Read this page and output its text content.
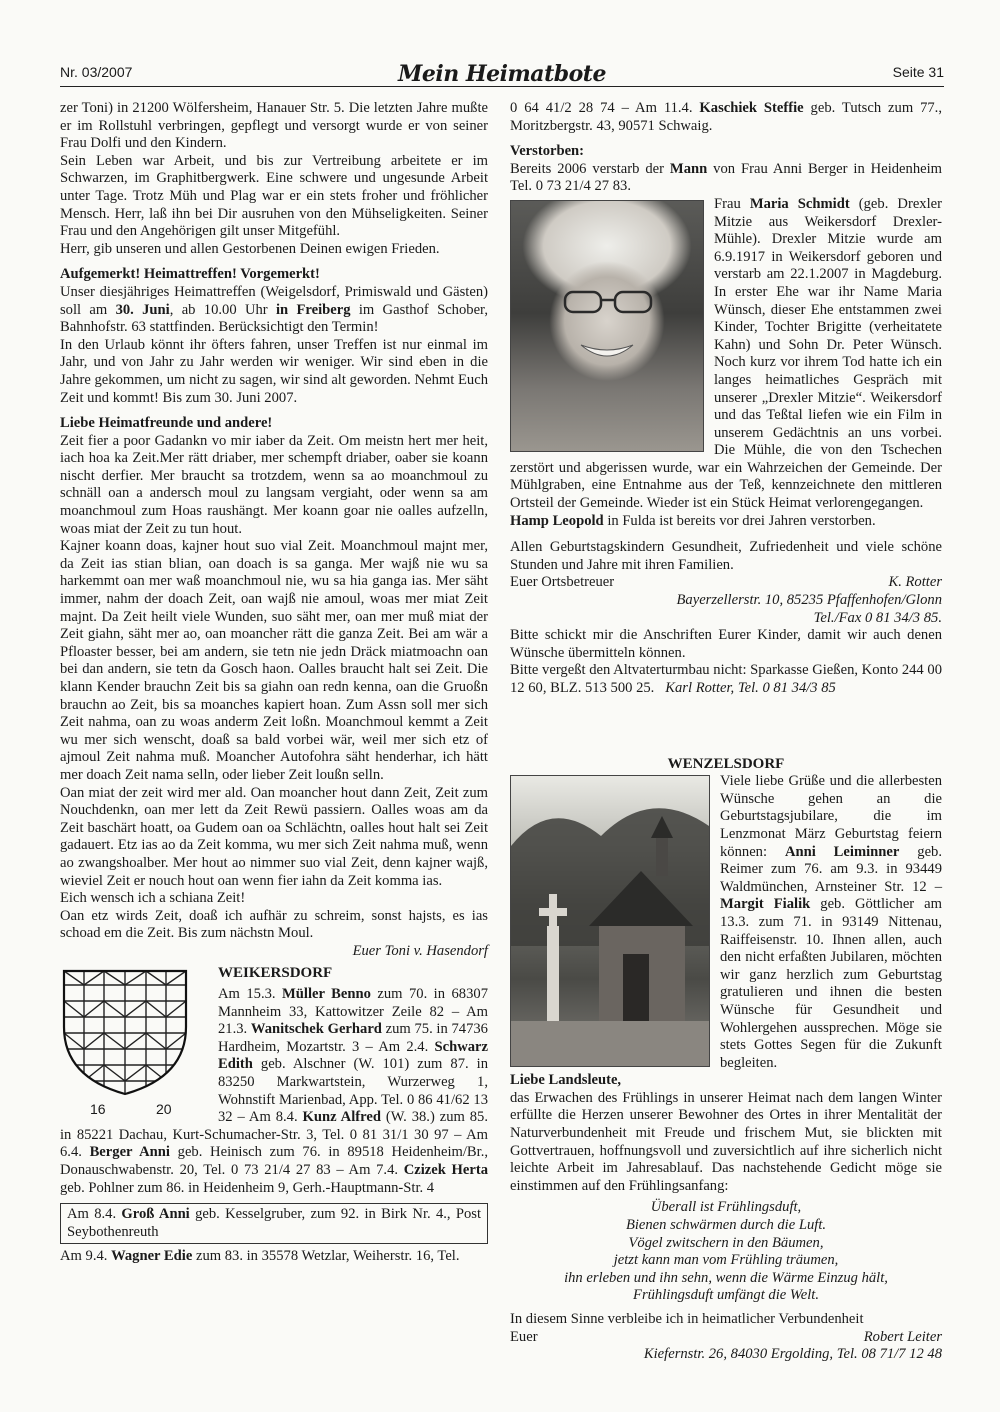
Nr. 03/2007	Mein Heimatbote	Seite 31

zer Toni) in 21200 Wölfersheim, Hanauer Str. 5. Die letzten Jahre mußte er im Rollstuhl verbringen, gepflegt und versorgt wurde er von seiner Frau Dolfi und den Kindern.

Sein Leben war Arbeit, und bis zur Vertreibung arbeitete er im Schwarzen, im Graphitbergwerk. Eine schwere und ungesunde Arbeit unter Tage. Trotz Müh und Plag war er ein stets froher und fröhlicher Mensch. Herr, laß ihn bei Dir ausruhen von den Mühseligkeiten. Seiner Frau und den Angehörigen gilt unser Mitgefühl.

Herr, gib unseren und allen Gestorbenen Deinen ewigen Frieden.

Aufgemerkt! Heimattreffen! Vorgemerkt!

Unser diesjähriges Heimattreffen (Weigelsdorf, Primiswald und Gästen) soll am 30. Juni, ab 10.00 Uhr in Freiberg im Gasthof Schober, Bahnhofstr. 63 stattfinden. Berücksichtigt den Termin!

In den Urlaub könnt ihr öfters fahren, unser Treffen ist nur einmal im Jahr, und von Jahr zu Jahr werden wir weniger. Wir sind eben in die Jahre gekommen, um nicht zu sagen, wir sind alt geworden. Nehmt Euch Zeit und kommt! Bis zum 30. Juni 2007.

Liebe Heimatfreunde und andere!

Zeit fier a poor Gadankn vo mir iaber da Zeit. Om meistn hert mer heit, iach hoa ka Zeit.Mer rätt driaber, mer schempft driaber, oaber sie koann nischt derfier. Mer braucht sa trotzdem, wenn sa ao moanchmoul zu schnäll oan a andersch moul zu langsam vergiaht, oder wenn sa am moanchmoul zum Hoas raushängt. Mer koann goar nie oalles aufzelln, woas miat der Zeit zu tun hout.

Kajner koann doas, kajner hout suo vial Zeit. Moanchmoul majnt mer, da Zeit ias stian blian, oan doach is sa ganga. Mer wajß nie wu sa harkemmt oan mer waß moanchmoul nie, wu sa hia ganga ias. Mer säht immer, nahm der doach Zeit, oan wajß nie amoul, woas mer miat Zeit majnt. Da Zeit heilt viele Wunden, suo säht mer, oan mer muß miat der Zeit giahn, säht mer ao, oan moancher rätt die ganza Zeit. Bei am wär a Pfloaster besser, bei am andern, sie tetn nie jedn Dräck miatmoachn oan bei dan andern, sie tetn da Gosch haon. Oalles braucht halt sei Zeit. Die klann Kender brauchn Zeit bis sa giahn oan redn kenna, oan die Gruoßn brauchn ao Zeit, bis sa moanches kapiert hoan. Zum Assn soll mer sich Zeit nahma, oan zu woas anderm Zeit loßn. Moanchmoul kemmt a Zeit wu mer sich wenscht, doaß sa bald vorbei wär, weil mer sich etz of ajmoul Zeit nahma muß. Moancher Autofohra säht henderhar, ich hätt mer doach Zeit nama selln, oder lieber Zeit loußn selln.

Oan miat der zeit wird mer ald. Oan moancher hout dann Zeit, Zeit zum Nouchdenkn, oan mer lett da Zeit Rewü passiern. Oalles woas am da Zeit baschärt hoatt, oa Gudem oan oa Schlächtn, oalles hout halt sei Zeit gadauert. Etz ias ao da Zeit komma, wu mer sich Zeit nahma muß, wenn ao zwangshoalber. Mer hout ao nimmer suo vial Zeit, denn kajner wajß, wieviel Zeit er nouch hout oan wenn fier iahn da Zeit komma ias.

Eich wensch ich a schiana Zeit!

Oan etz wirds Zeit, doaß ich aufhär zu schreim, sonst hajsts, es ias schoad em die Zeit. Bis zum nächstn Moul.

Euer Toni v. Hasendorf

16	20

WEIKERSDORF

Am 15.3. Müller Benno zum 70. in 68307 Mannheim 33, Kattowitzer Zeile 82 – Am 21.3. Wanitschek Gerhard zum 75. in 74736 Hardheim, Mozartstr. 3 – Am 2.4. Schwarz Edith geb. Alschner (W. 101) zum 87. in 83250 Markwartstein, Wurzerweg 1, Wohnstift Marienbad, App. Tel. 0 86 41/62 13 32 – Am 8.4. Kunz Alfred (W. 38.) zum 85. in 85221 Dachau, Kurt-Schumacher-Str. 3, Tel. 0 81 31/1 30 97 – Am 6.4. Berger Anni geb. Heinisch zum 76. in 89518 Heidenheim/Br., Donauschwabenstr. 20, Tel. 0 73 21/4 27 83 – Am 7.4. Czizek Herta geb. Pohlner zum 86. in Heidenheim 9, Gerh.-Hauptmann-Str. 4

Am 8.4. Groß Anni geb. Kesselgruber, zum 92. in Birk Nr. 4., Post Seybothenreuth

Am 9.4. Wagner Edie zum 83. in 35578 Wetzlar, Weiherstr. 16, Tel.

0 64 41/2 28 74 – Am 11.4. Kaschiek Steffie geb. Tutsch zum 77., Moritzbergstr. 43, 90571 Schwaig.

Verstorben:

Bereits 2006 verstarb der Mann von Frau Anni Berger in Heidenheim Tel. 0 73 21/4 27 83.

Frau Maria Schmidt (geb. Drexler Mitzie aus Weikersdorf Drexler-Mühle). Drexler Mitzie wurde am 6.9.1917 in Weikersdorf geboren und verstarb am 22.1.2007 in Magdeburg. In erster Ehe war ihr Name Maria Wünsch, dieser Ehe entstammen zwei Kinder, Tochter Brigitte (verheitatete Kahn) und Sohn Dr. Peter Wünsch. Noch kurz vor ihrem Tod hatte ich ein langes heimatliches Gespräch mit unserer „Drexler Mitzie“. Weikersdorf und das Teßtal liefen wie ein Film in unserem Gedächtnis an uns vorbei. Die Mühle, die von den Tschechen zerstört und abgerissen wurde, war ein Wahrzeichen der Gemeinde. Der Mühlgraben, eine Entnahme aus der Teß, kennzeichnete den mittleren Ortsteil der Gemeinde. Wieder ist ein Stück Heimat verlorengegangen.

Hamp Leopold in Fulda ist bereits vor drei Jahren verstorben.

Allen Geburtstagskindern Gesundheit, Zufriedenheit und viele schöne Stunden und Jahre mit ihren Familien.

Euer Ortsbetreuer	K. Rotter

Bayerzellerstr. 10, 85235 Pfaffenhofen/Glonn

Tel./Fax 0 81 34/3 85.

Bitte schickt mir die Anschriften Eurer Kinder, damit wir auch denen Wünsche übermitteln können.

Bitte vergeßt den Altvaterturmbau nicht: Sparkasse Gießen, Konto 244 00 12 60, BLZ. 513 500 25. Karl Rotter, Tel. 0 81 34/3 85

WENZELSDORF

Viele liebe Grüße und die allerbesten Wünsche gehen an die Geburtstagsjubilare, die im Lenzmonat März Geburtstag feiern können: Anni Leiminner geb. Reimer zum 76. am 9.3. in 93449 Waldmünchen, Arnsteiner Str. 12 – Margit Fialik geb. Göttlicher am 13.3. zum 71. in 93149 Nittenau, Raiffeisenstr. 10. Ihnen allen, auch den nicht erfaßten Jubilaren, möchten wir ganz herzlich zum Geburtstag gratulieren und ihnen die besten Wünsche für Gesundheit und Wohlergehen aussprechen. Möge sie stets Gottes Segen für die Zukunft begleiten.

Liebe Landsleute,

das Erwachen des Frühlings in unserer Heimat nach dem langen Winter erfüllte die Herzen unserer Bewohner des Ortes in ihrer Mentalität der Naturverbundenheit mit Freude und frischem Mut, sie blickten mit Gottvertrauen, hoffnungsvoll und zuversichtlich auf ihre sicherlich nicht leichte Arbeit im Jahresablauf. Das nachstehende Gedicht möge sie einstimmen auf den Frühlingsanfang:

Überall ist Frühlingsduft,
Bienen schwärmen durch die Luft.
Vögel zwitschern in den Bäumen,
jetzt kann man vom Frühling träumen,
ihn erleben und ihn sehn, wenn die Wärme Einzug hält,
Frühlingsduft umfängt die Welt.

In diesem Sinne verbleibe ich in heimatlicher Verbundenheit

Euer	Robert Leiter

Kiefernstr. 26, 84030 Ergolding, Tel. 08 71/7 12 48
